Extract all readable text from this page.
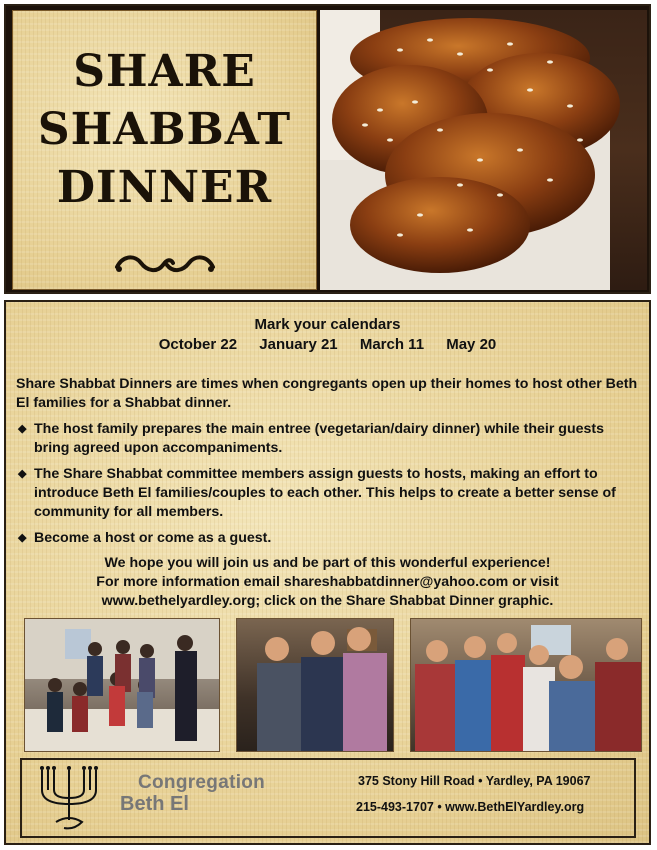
SHARE
SHABBAT
DINNER
Mark your calendars
October 22 January 21 March 11 May 20
Share Shabbat Dinners are times when congregants open up their homes to host other Beth El families for a Shabbat dinner.
◆ The host family prepares the main entree (vegetarian/dairy dinner) while their guests bring agreed upon accompaniments.
◆ The Share Shabbat committee members assign guests to hosts, making an effort to introduce Beth El families/couples to each other. This helps to create a better sense of community for all members.
◆ Become a host or come as a guest.
We hope you will join us and be part of this wonderful experience!
For more information email shareshabbatdinner@yahoo.com or visit
www.bethelyardley.org; click on the Share Shabbat Dinner graphic.
Congregation
Beth El
375 Stony Hill Road • Yardley, PA 19067
215-493-1707 • www.BethElYardley.org
